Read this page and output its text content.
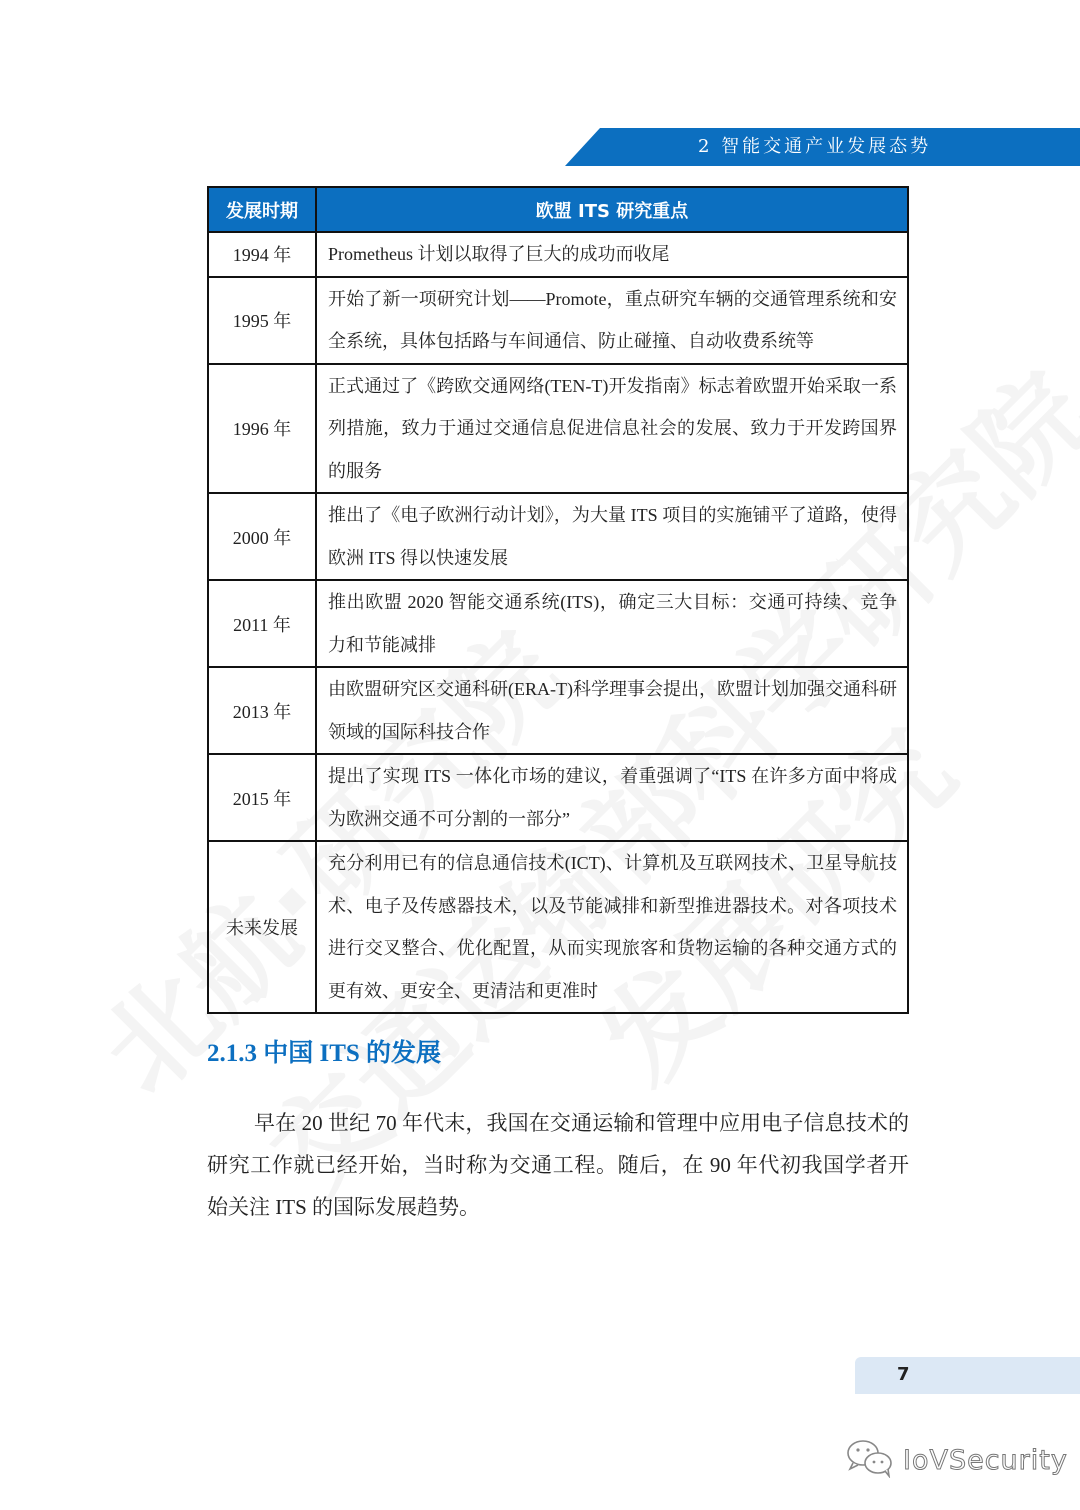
2 智能交通产业发展态势
发展时期	欧盟 ITS 研究重点
1994 年	Prometheus 计划以取得了巨大的成功而收尾
1995 年	开始了新一项研究计划——Promote，重点研究车辆的交通管理系统和安全系统，具体包括路与车间通信、防止碰撞、自动收费系统等
1996 年	正式通过了《跨欧交通网络(TEN-T)开发指南》标志着欧盟开始采取一系列措施，致力于通过交通信息促进信息社会的发展、致力于开发跨国界的服务
2000 年	推出了《电子欧洲行动计划》，为大量 ITS 项目的实施铺平了道路，使得欧洲 ITS 得以快速发展
2011 年	推出欧盟 2020 智能交通系统(ITS)，确定三大目标：交通可持续、竞争力和节能减排
2013 年	由欧盟研究区交通科研(ERA-T)科学理事会提出，欧盟计划加强交通科研领域的国际科技合作
2015 年	提出了实现 ITS 一体化市场的建议，着重强调了“ITS 在许多方面中将成为欧洲交通不可分割的一部分”
未来发展	充分利用已有的信息通信技术(ICT)、计算机及互联网技术、卫星导航技术、电子及传感器技术，以及节能减排和新型推进器技术。对各项技术进行交叉整合、优化配置，从而实现旅客和货物运输的各种交通方式的更有效、更安全、更清洁和更准时
2.1.3 中国 ITS 的发展
早在 20 世纪 70 年代末，我国在交通运输和管理中应用电子信息技术的研究工作就已经开始，当时称为交通工程。随后，在 90 年代初我国学者开始关注 ITS 的国际发展趋势。
7
IoVSecurity
